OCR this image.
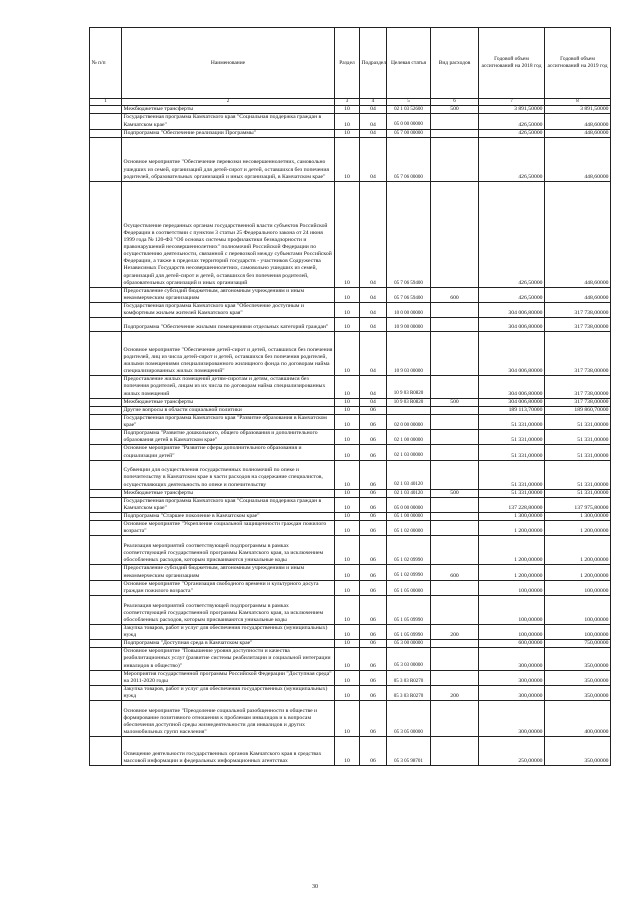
№ п/п	Наименование	Раздел	Подраздел	Целевая статья	Вид расходов	Годовой объем ассигнований на 2018 год	Годовой объем ассигнований на 2019 год
1	2	3	4	5	6	7	8
	Межбюджетные трансферты	10	04	02 1 03 52600	500	3 891,50000	3 891,50000
	Государственная программа Камчатского края "Социальная поддержка граждан в Камчатском крае"	10	04	05 0 00 00000		426,50000	448,60000
	Подпрограмма "Обеспечение реализации Программы"	10	04	05 7 00 00000		426,50000	448,60000
	Основное мероприятие "Обеспечение перевозки несовершеннолетних, самовольно ушедших из семей, организаций для детей-сирот и детей, оставшихся без попечения родителей, образовательных организаций и иных организаций, в Камчатском крае"	10	04	05 7 06 00000		426,50000	448,60000
	Осуществление переданных органам государственной власти субъектов Российской Федерации в соответствии с пунктом 3 статьи 25 Федерального закона от 24 июня 1999 года № 120-ФЗ "Об основах системы профилактики безнадзорности и правонарушений несовершеннолетних" полномочий Российской Федерации по осуществлению деятельности, связанной с перевозкой между субъектами Российской Федерации, а также в пределах территорий государств - участников Содружества Независимых Государств несовершеннолетних, самовольно ушедших из семей, организаций для детей-сирот и детей, оставшихся без попечения родителей, образовательных организаций и иных организаций	10	04	05 7 06 59400		426,50000	448,60000
	Предоставление субсидий бюджетным, автономным учреждениям и иным некоммерческим организациям	10	04	05 7 06 59400	600	426,50000	448,60000
	Государственная программа Камчатского края "Обеспечение доступным и комфортным жильем жителей Камчатского края"	10	04	10 0 00 00000		304 006,80000	317 738,00000
	Подпрограмма "Обеспечение жилыми помещениями отдельных категорий граждан"	10	04	10 9 00 00000		304 006,80000	317 738,00000
	Основное мероприятие "Обеспечение детей-сирот и детей, оставшихся без попечения родителей, лиц из числа детей-сирот и детей, оставшихся без попечения родителей, жилыми помещениями специализированного жилищного фонда по договорам найма специализированных жилых помещений"	10	04	10 9 03 00000		304 006,80000	317 738,00000
	Предоставление жилых помещений детям-сиротам и детям, оставшимся без попечения родителей, лицам из их числа по договорам найма специализированных жилых помещений	10	04	10 9 03 R0820		304 006,80000	317 738,00000
	Межбюджетные трансферты	10	04	10 9 03 R0820	500	304 006,80000	317 738,00000
	Другие вопросы в области социальной политики	10	06			189 113,70000	189 860,70000
	Государственная программа Камчатского края "Развитие образования в Камчатском крае"	10	06	02 0 00 00000		51 331,00000	51 331,00000
	Подпрограмма "Развитие дошкольного, общего образования и дополнительного образования детей в Камчатском крае"	10	06	02 1 00 00000		51 331,00000	51 331,00000
	Основное мероприятие "Развитие сферы дополнительного образования и социализации детей"	10	06	02 1 03 00000		51 331,00000	51 331,00000
	Субвенции для осуществления государственных полномочий по опеке и попечительству в Камчатском крае в части расходов на содержание специалистов, осуществляющих деятельность по опеке и попечительству	10	06	02 1 03 40120		51 331,00000	51 331,00000
	Межбюджетные трансферты	10	06	02 1 03 40120	500	51 331,00000	51 331,00000
	Государственная программа Камчатского края "Социальная поддержка граждан в Камчатском крае"	10	06	05 0 00 00000		137 228,80000	137 975,80000
	Подпрограмма "Старшее поколение в Камчатском крае"	10	06	05 1 00 00000		1 300,00000	1 300,00000
	Основное мероприятие "Укрепление социальной защищенности граждан пожилого возраста"	10	06	05 1 02 00000		1 200,00000	1 200,00000
	Реализация мероприятий соответствующей подпрограммы в рамках соответствующей государственной программы Камчатского края, за исключением обособленных расходов, которым присваиваются уникальные коды	10	06	05 1 02 09990		1 200,00000	1 200,00000
	Предоставление субсидий бюджетным, автономным учреждениям и иным некоммерческим организациям	10	06	05 1 02 09990	600	1 200,00000	1 200,00000
	Основное мероприятие "Организация свободного времени и культурного досуга граждан пожилого возраста"	10	06	05 1 05 00000		100,00000	100,00000
	Реализация мероприятий соответствующей подпрограммы в рамках соответствующей государственной программы Камчатского края, за исключением обособленных расходов, которым присваиваются уникальные коды	10	06	05 1 05 09990		100,00000	100,00000
	Закупка товаров, работ и услуг для обеспечения государственных (муниципальных) нужд	10	06	05 1 05 09990	200	100,00000	100,00000
	Подпрограмма "Доступная среда в Камчатском крае"	10	06	05 3 00 00000		600,00000	750,00000
	Основное мероприятие "Повышение уровня доступности и качества реабилитационных услуг (развитие системы реабилитации и социальной интеграции инвалидов в общество)"	10	06	05 3 03 00000		300,00000	350,00000
	Мероприятия государственной программы Российской Федерации "Доступная среда" на 2011-2020 годы	10	06	05 3 03 R0270		300,00000	350,00000
	Закупка товаров, работ и услуг для обеспечения государственных (муниципальных) нужд	10	06	05 3 03 R0270	200	300,00000	350,00000
	Основное мероприятие "Преодоление социальной разобщенности в обществе и формирование позитивного отношения к проблемам инвалидов и к вопросам обеспечения доступной среды жизнедеятельности для инвалидов и других маломобильных групп населения"	10	06	05 3 05 00000		300,00000	400,00000
	Освещение деятельности государственных органов Камчатского края в средствах массовой информации и федеральных информационных агентствах	10	06	05 3 05 98701		250,00000	350,00000
30
